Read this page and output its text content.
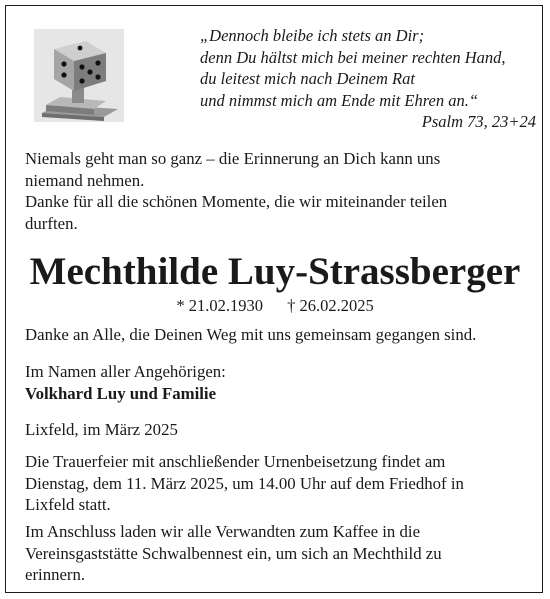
„Dennoch bleibe ich stets an Dir;
denn Du hältst mich bei meiner rechten Hand,
du leitest mich nach Deinem Rat
und nimmst mich am Ende mit Ehren an.“
Psalm 73, 23+24
Niemals geht man so ganz – die Erinnerung an Dich kann uns
niemand nehmen.
Danke für all die schönen Momente, die wir miteinander teilen
durften.
Mechthilde Luy-Strassberger
* 21.02.1930 † 26.02.2025
Danke an Alle, die Deinen Weg mit uns gemeinsam gegangen sind.
Im Namen aller Angehörigen:
Volkhard Luy und Familie
Lixfeld, im März 2025
Die Trauerfeier mit anschließender Urnenbeisetzung findet am
Dienstag, dem 11. März 2025, um 14.00 Uhr auf dem Friedhof in
Lixfeld statt.
Im Anschluss laden wir alle Verwandten zum Kaffee in die
Vereinsgaststätte Schwalbennest ein, um sich an Mechthild zu
erinnern.
